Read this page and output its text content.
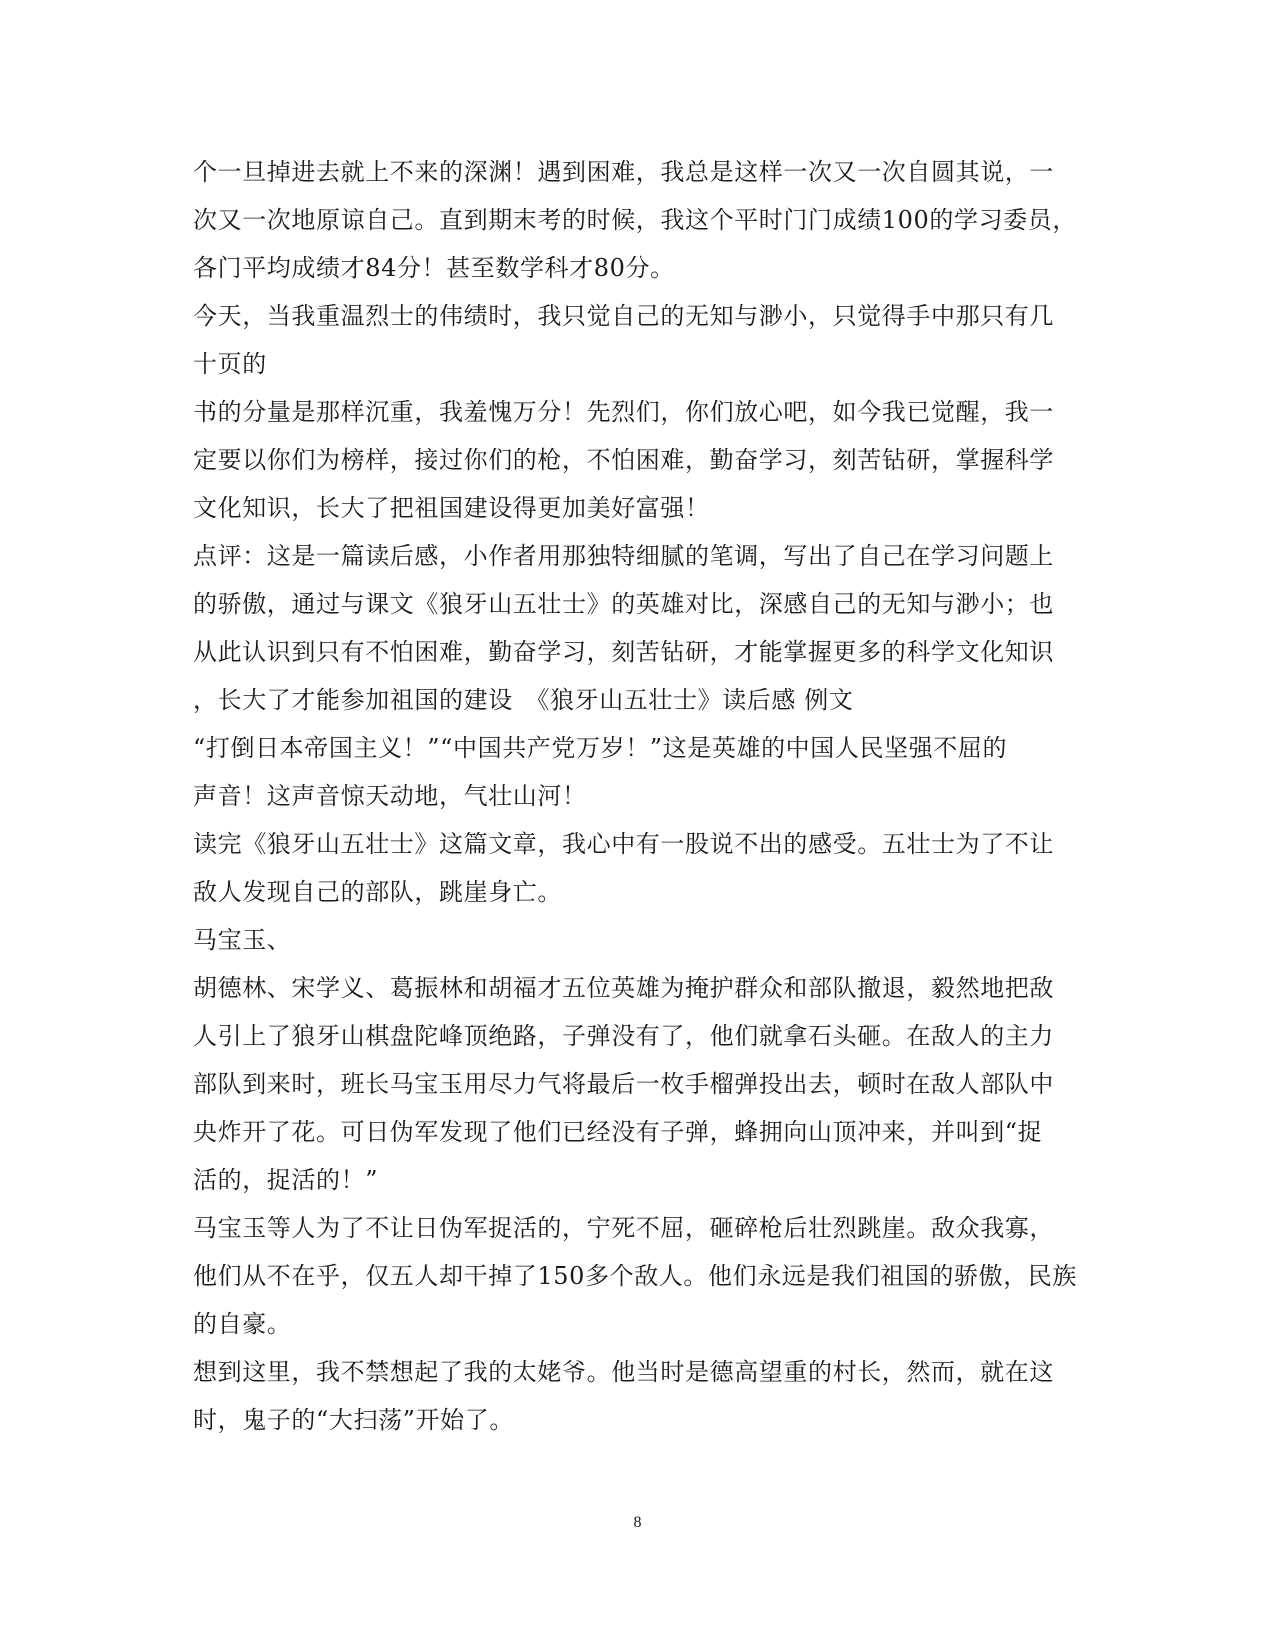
个一旦掉进去就上不来的深渊！遇到困难，我总是这样一次又一次自圆其说，一
次又一次地原谅自己。直到期末考的时候，我这个平时门门成绩100的学习委员，
各门平均成绩才84分！甚至数学科才80分。
今天，当我重温烈士的伟绩时，我只觉自己的无知与渺小，只觉得手中那只有几
十页的
书的分量是那样沉重，我羞愧万分！先烈们，你们放心吧，如今我已觉醒，我一
定要以你们为榜样，接过你们的枪，不怕困难，勤奋学习，刻苦钻研，掌握科学
文化知识，长大了把祖国建设得更加美好富强！
点评：这是一篇读后感，小作者用那独特细腻的笔调，写出了自己在学习问题上
的骄傲，通过与课文《狼牙山五壮士》的英雄对比，深感自己的无知与渺小；也
从此认识到只有不怕困难，勤奋学习，刻苦钻研，才能掌握更多的科学文化知识
，长大了才能参加祖国的建设　《狼牙山五壮士》读后感 例文
“打倒日本帝国主义！”“中国共产党万岁！”这是英雄的中国人民坚强不屈的
声音！这声音惊天动地，气壮山河！
读完《狼牙山五壮士》这篇文章，我心中有一股说不出的感受。五壮士为了不让
敌人发现自己的部队，跳崖身亡。
马宝玉、
胡德林、宋学义、葛振林和胡福才五位英雄为掩护群众和部队撤退，毅然地把敌
人引上了狼牙山棋盘陀峰顶绝路，子弹没有了，他们就拿石头砸。在敌人的主力
部队到来时，班长马宝玉用尽力气将最后一枚手榴弹投出去，顿时在敌人部队中
央炸开了花。可日伪军发现了他们已经没有子弹，蜂拥向山顶冲来，并叫到“捉
活的，捉活的！”
马宝玉等人为了不让日伪军捉活的，宁死不屈，砸碎枪后壮烈跳崖。敌众我寡，
他们从不在乎，仅五人却干掉了150多个敌人。他们永远是我们祖国的骄傲，民族
的自豪。
想到这里，我不禁想起了我的太姥爷。他当时是德高望重的村长，然而，就在这
时，鬼子的“大扫荡”开始了。
8
